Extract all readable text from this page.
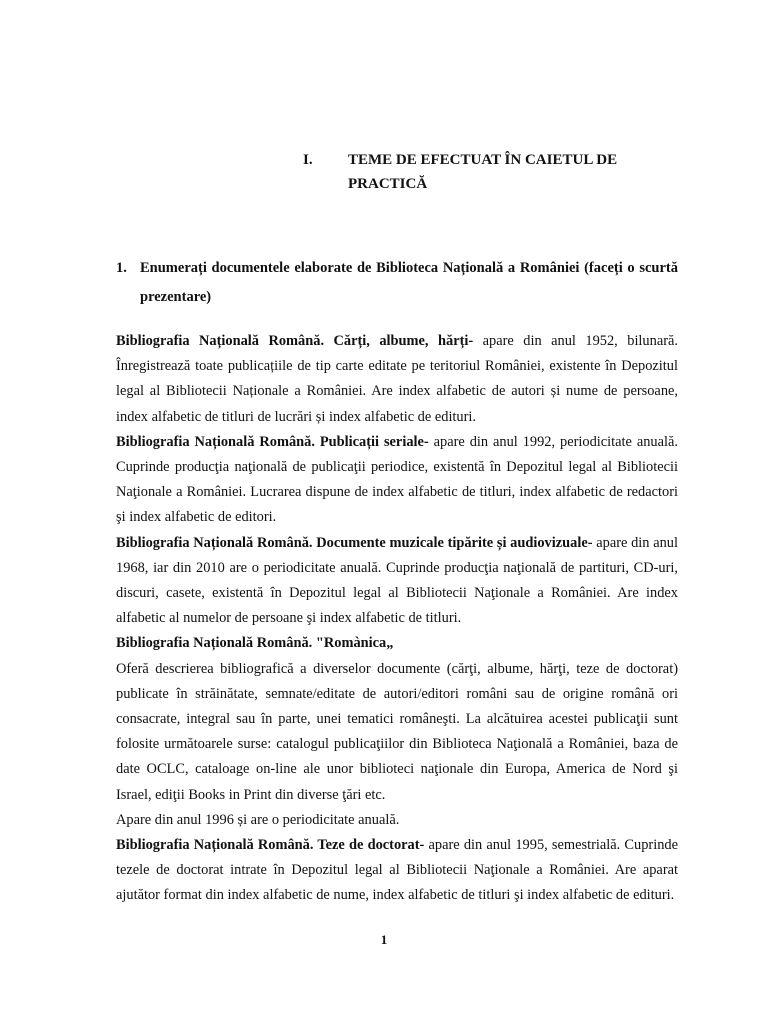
I. TEME DE EFECTUAT ÎN CAIETUL DE PRACTICĂ
1. Enumerați documentele elaborate de Biblioteca Națională a României (faceți o scurtă prezentare)

Bibliografia Națională Română. Cărți, albume, hărți- apare din anul 1952, bilunară. Înregistrează toate publicațiile de tip carte editate pe teritoriul României, existente în Depozitul legal al Bibliotecii Naționale a României. Are index alfabetic de autori și nume de persoane, index alfabetic de titluri de lucrări și index alfabetic de edituri.

Bibliografia Națională Română. Publicații seriale- apare din anul 1992, periodicitate anuală. Cuprinde producţia naţională de publicaţii periodice, existentă în Depozitul legal al Bibliotecii Naţionale a României. Lucrarea dispune de index alfabetic de titluri, index alfabetic de redactori şi index alfabetic de editori.

Bibliografia Națională Română. Documente muzicale tipărite și audiovizuale- apare din anul 1968, iar din 2010 are o periodicitate anuală. Cuprinde producţia naţională de partituri, CD-uri, discuri, casete, existentă în Depozitul legal al Bibliotecii Naţionale a României. Are index alfabetic al numelor de persoane şi index alfabetic de titluri.

Bibliografia Națională Română. "Romànica„

Oferă descrierea bibliografică a diverselor documente (cărţi, albume, hărţi, teze de doctorat) publicate în străinătate, semnate/editate de autori/editori români sau de origine română ori consacrate, integral sau în parte, unei tematici româneşti. La alcătuirea acestei publicaţii sunt folosite următoarele surse: catalogul publicaţiilor din Biblioteca Naţională a României, baza de date OCLC, cataloage on-line ale unor biblioteci naţionale din Europa, America de Nord şi Israel, ediţii Books in Print din diverse ţări etc.

Apare din anul 1996 și are o periodicitate anuală.

Bibliografia Națională Română. Teze de doctorat- apare din anul 1995, semestrială. Cuprinde tezele de doctorat intrate în Depozitul legal al Bibliotecii Naţionale a României. Are aparat ajutător format din index alfabetic de nume, index alfabetic de titluri şi index alfabetic de edituri.

1
